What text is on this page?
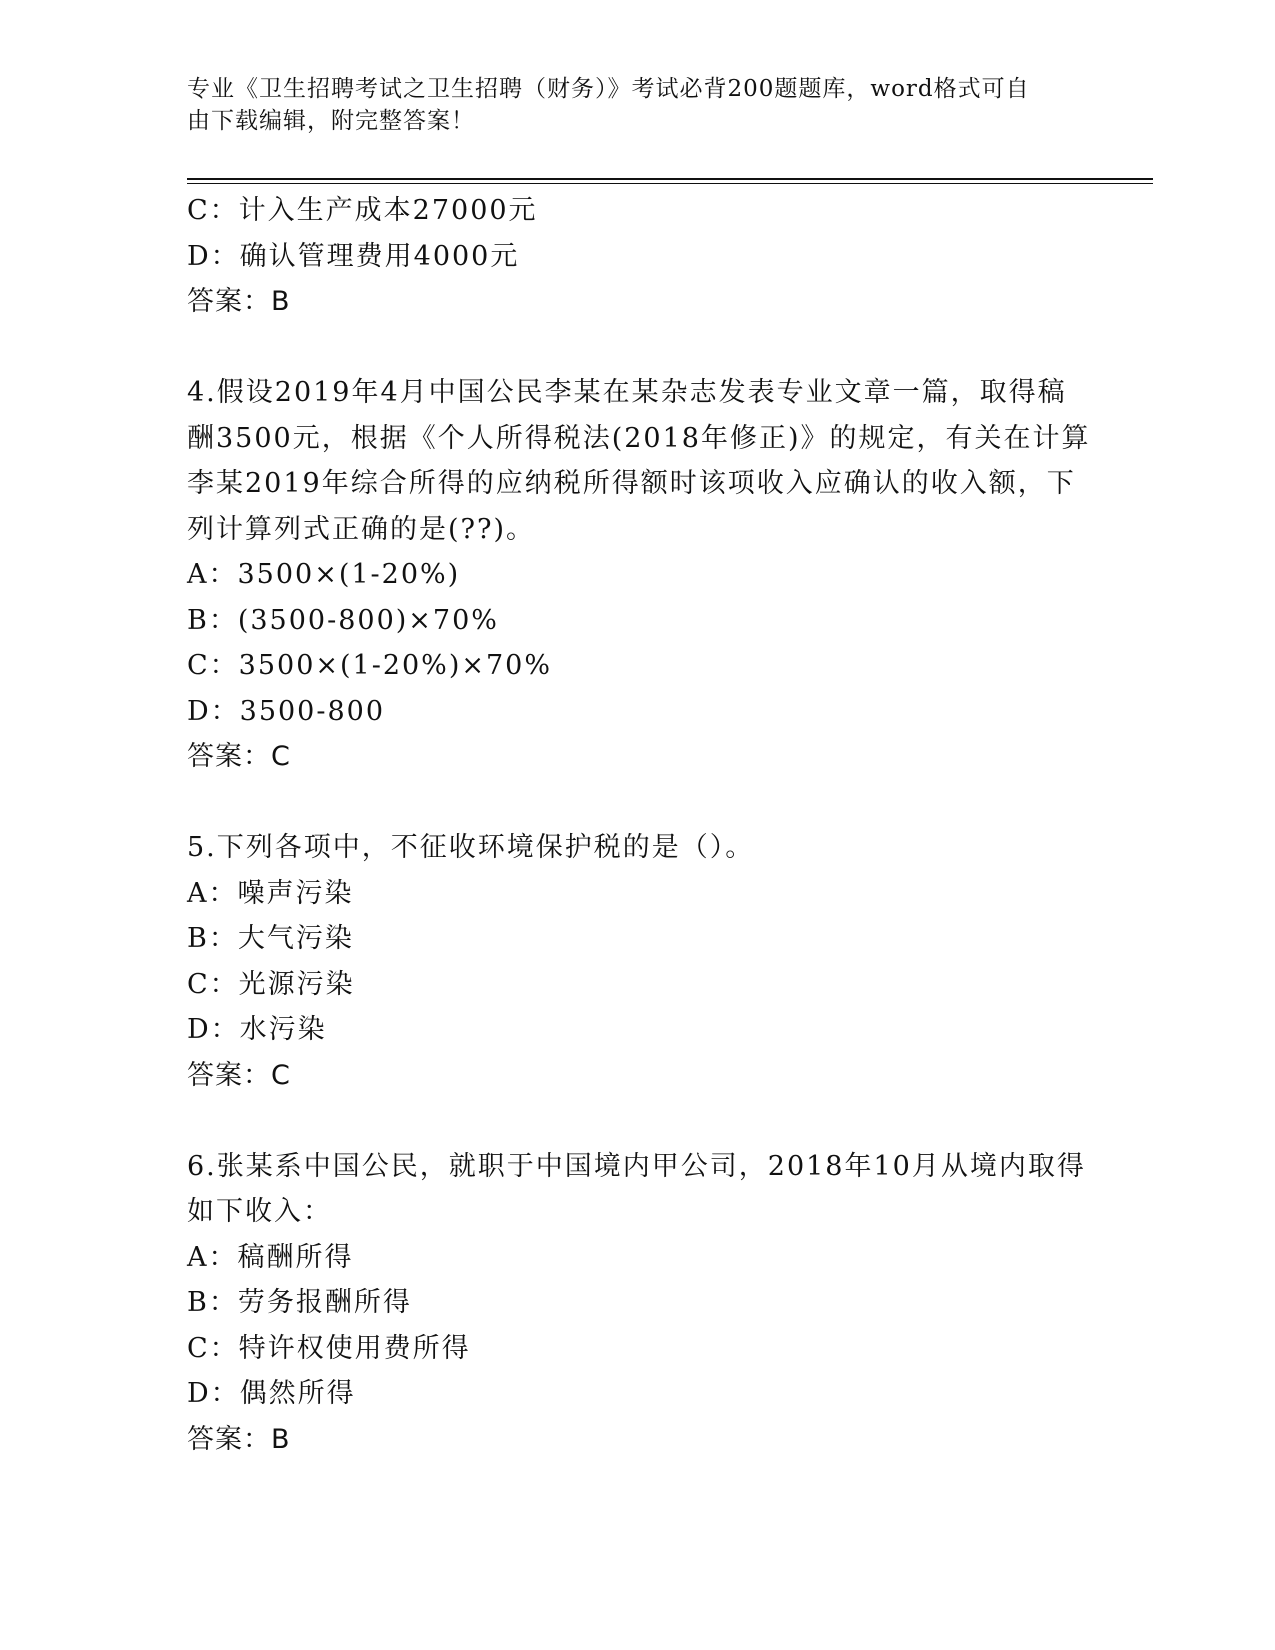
专业《卫生招聘考试之卫生招聘（财务）》考试必背200题题库，word格式可自
由下载编辑，附完整答案！
C：计入生产成本27000元
D：确认管理费用4000元
答案：B
4.假设2019年4月中国公民李某在某杂志发表专业文章一篇，取得稿
酬3500元，根据《个人所得税法(2018年修正)》的规定，有关在计算
李某2019年综合所得的应纳税所得额时该项收入应确认的收入额，下
列计算列式正确的是(??)。
A：3500×(1-20%)
B：(3500-800)×70%
C：3500×(1-20%)×70%
D：3500-800
答案：C
5.下列各项中，不征收环境保护税的是（）。
A：噪声污染
B：大气污染
C：光源污染
D：水污染
答案：C
6.张某系中国公民，就职于中国境内甲公司，2018年10月从境内取得
如下收入：
A：稿酬所得
B：劳务报酬所得
C：特许权使用费所得
D：偶然所得
答案：B
